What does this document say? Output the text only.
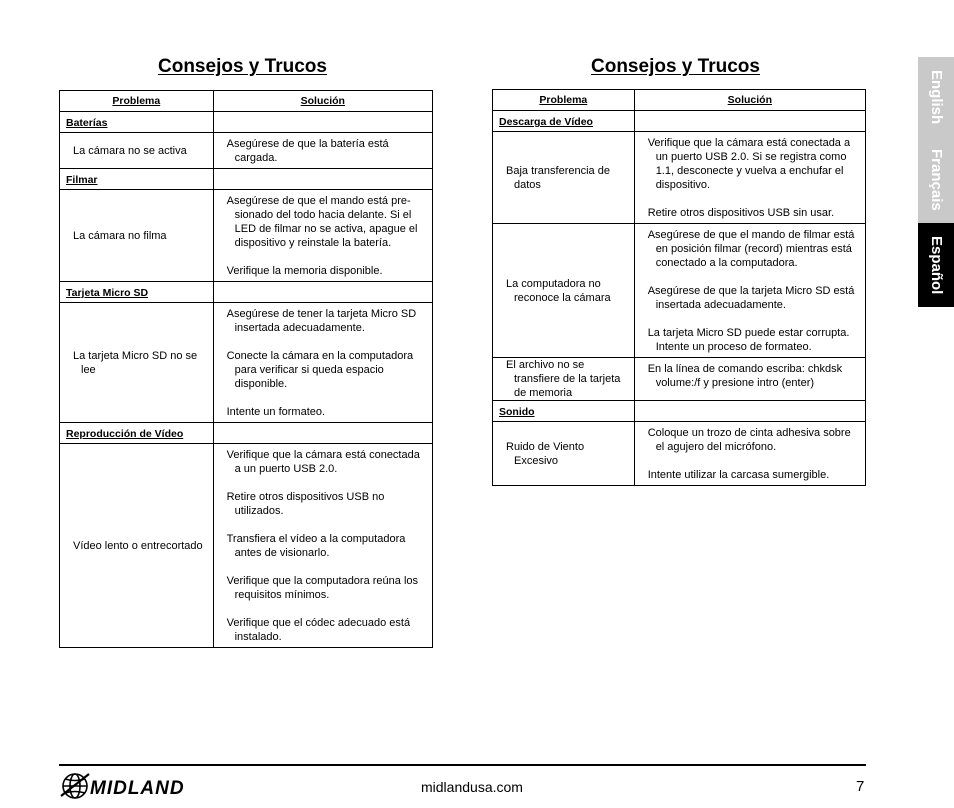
Consejos y Trucos
Problema	Solución
Baterías	

La cámara no se activa	Asegúrese de que la batería está cargada.

Filmar	

La cámara no filma	Asegúrese de que el mando está pre-sionado del todo hacia delante. Si el LED de filmar no se activa, apague el dispositivo y reinstale la batería.
Verifique la memoria disponible.

Tarjeta Micro SD	

La tarjeta Micro SD no se lee	Asegúrese de tener la tarjeta Micro SD insertada adecuadamente.
Conecte la cámara en la computadora para verificar si queda espacio disponible.
Intente un formateo.

Reproducción de Vídeo	

Vídeo lento o entrecortado	Verifique que la cámara está conectada a un puerto USB 2.0.
Retire otros dispositivos USB no utilizados.
Transfiera el vídeo a la computadora antes de visionarlo.
Verifique que la computadora reúna los requisitos mínimos.
Verifique que el códec adecuado está instalado.
Consejos y Trucos
Problema	Solución
Descarga de Vídeo	

Baja transferencia de datos	Verifique que la cámara está conectada a un puerto USB 2.0. Si se registra como 1.1, desconecte y vuelva a enchufar el dispositivo.
Retire otros dispositivos USB sin usar.

La computadora no reconoce la cámara	Asegúrese de que el mando de filmar está en posición filmar (record) mientras está conectado a la computadora.
Asegúrese de que la tarjeta Micro SD está insertada adecuadamente.
La tarjeta Micro SD puede estar corrupta. Intente un proceso de formateo.

El archivo no se transfiere de la tarjeta de memoria	En la línea de comando escriba: chkdsk volume:/f y presione intro (enter)

Sonido	

Ruido de Viento Excesivo	Coloque un trozo de cinta adhesiva sobre el agujero del micrófono.
Intente utilizar la carcasa sumergible.
English
Français
Español
MIDLAND	midlandusa.com	7
